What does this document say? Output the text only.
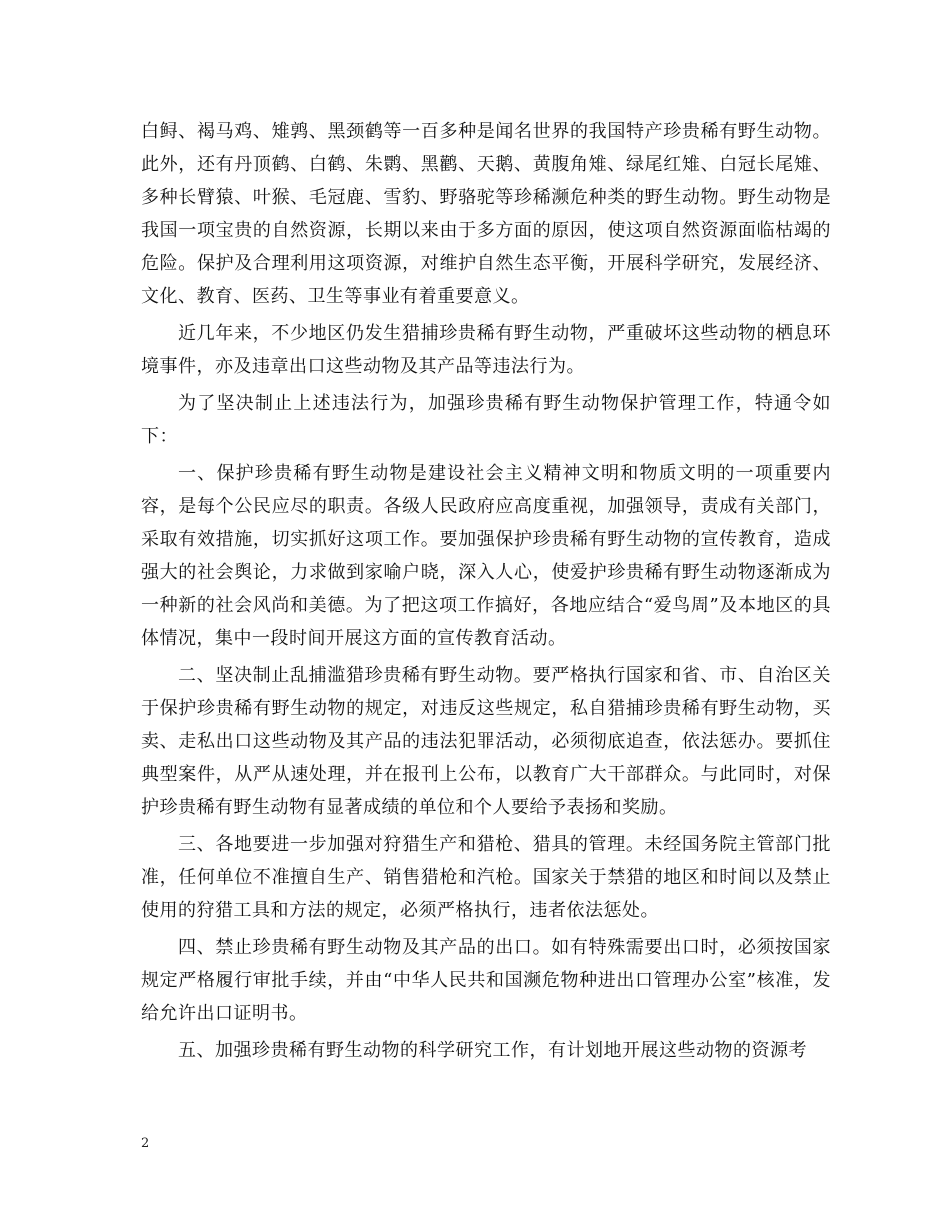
白鲟、褐马鸡、雉鹑、黑颈鹤等一百多种是闻名世界的我国特产珍贵稀有野生动物。此外，还有丹顶鹤、白鹤、朱鹮、黑鹳、天鹅、黄腹角雉、绿尾红雉、白冠长尾雉、多种长臂猿、叶猴、毛冠鹿、雪豹、野骆驼等珍稀濒危种类的野生动物。野生动物是我国一项宝贵的自然资源，长期以来由于多方面的原因，使这项自然资源面临枯竭的危险。保护及合理利用这项资源，对维护自然生态平衡，开展科学研究，发展经济、文化、教育、医药、卫生等事业有着重要意义。

近几年来，不少地区仍发生猎捕珍贵稀有野生动物，严重破坏这些动物的栖息环境事件，亦及违章出口这些动物及其产品等违法行为。

为了坚决制止上述违法行为，加强珍贵稀有野生动物保护管理工作，特通令如下：

一、保护珍贵稀有野生动物是建设社会主义精神文明和物质文明的一项重要内容，是每个公民应尽的职责。各级人民政府应高度重视，加强领导，责成有关部门，采取有效措施，切实抓好这项工作。要加强保护珍贵稀有野生动物的宣传教育，造成强大的社会舆论，力求做到家喻户晓，深入人心，使爱护珍贵稀有野生动物逐渐成为一种新的社会风尚和美德。为了把这项工作搞好，各地应结合“爱鸟周”及本地区的具体情况，集中一段时间开展这方面的宣传教育活动。

二、坚决制止乱捕滥猎珍贵稀有野生动物。要严格执行国家和省、市、自治区关于保护珍贵稀有野生动物的规定，对违反这些规定，私自猎捕珍贵稀有野生动物，买卖、走私出口这些动物及其产品的违法犯罪活动，必须彻底追查，依法惩办。要抓住典型案件，从严从速处理，并在报刊上公布，以教育广大干部群众。与此同时，对保护珍贵稀有野生动物有显著成绩的单位和个人要给予表扬和奖励。

三、各地要进一步加强对狩猎生产和猎枪、猎具的管理。未经国务院主管部门批准，任何单位不准擅自生产、销售猎枪和汽枪。国家关于禁猎的地区和时间以及禁止使用的狩猎工具和方法的规定，必须严格执行，违者依法惩处。

四、禁止珍贵稀有野生动物及其产品的出口。如有特殊需要出口时，必须按国家规定严格履行审批手续，并由“中华人民共和国濒危物种进出口管理办公室”核准，发给允许出口证明书。

五、加强珍贵稀有野生动物的科学研究工作，有计划地开展这些动物的资源考

2
